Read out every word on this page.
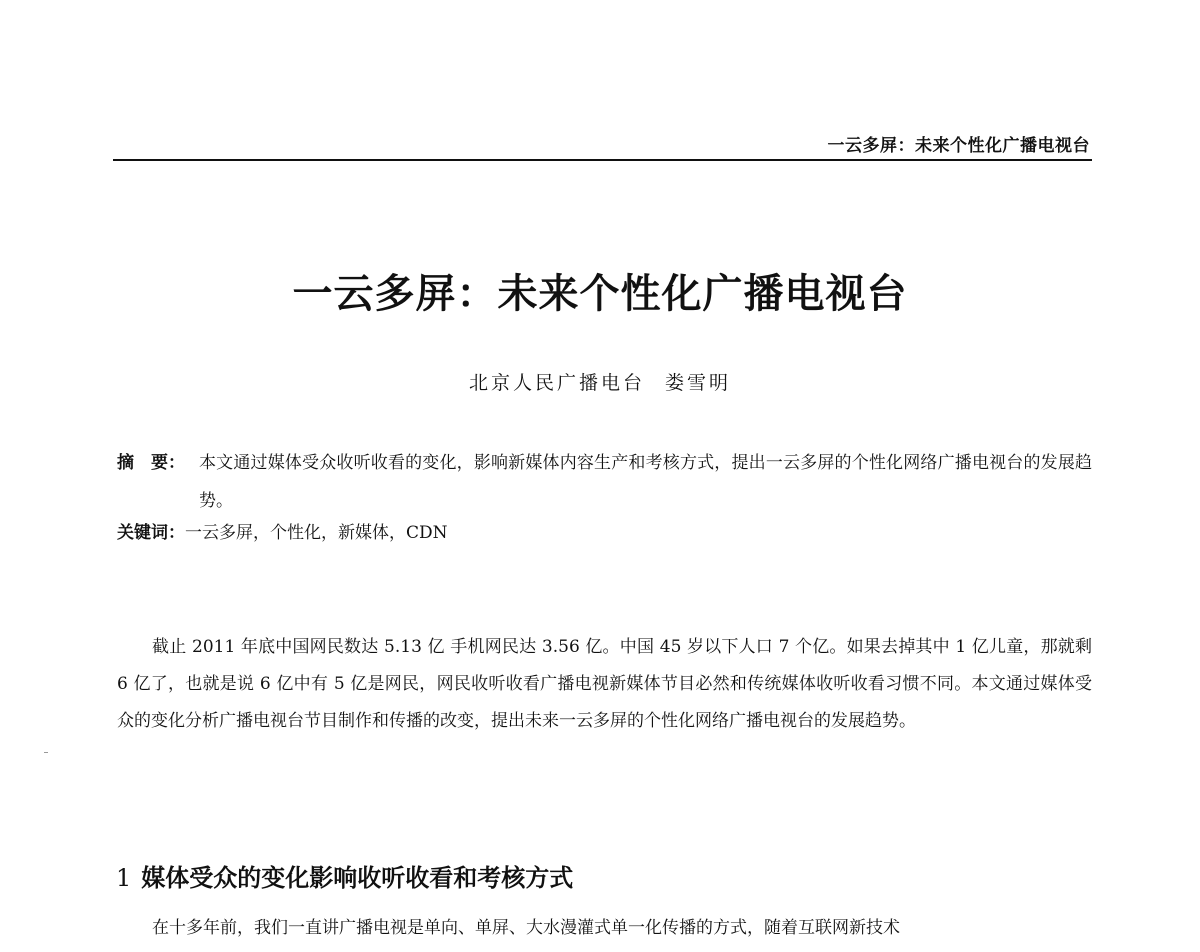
一云多屏：未来个性化广播电视台
一云多屏：未来个性化广播电视台
北京人民广播电台 娄雪明
摘　要： 本文通过媒体受众收听收看的变化，影响新媒体内容生产和考核方式，提出一云多屏的个性化网络广播电视台的发展趋势。
关键词：一云多屏，个性化，新媒体，CDN

截止 2011 年底中国网民数达 5.13 亿 手机网民达 3.56 亿。中国 45 岁以下人口 7 个亿。如果去掉其中 1 亿儿童，那就剩 6 亿了，也就是说 6 亿中有 5 亿是网民，网民收听收看广播电视新媒体节目必然和传统媒体收听收看习惯不同。本文通过媒体受众的变化分析广播电视台节目制作和传播的改变，提出未来一云多屏的个性化网络广播电视台的发展趋势。

1 媒体受众的变化影响收听收看和考核方式

在十多年前，我们一直讲广播电视是单向、单屏、大水漫灌式单一化传播的方式，随着互联网新技术
